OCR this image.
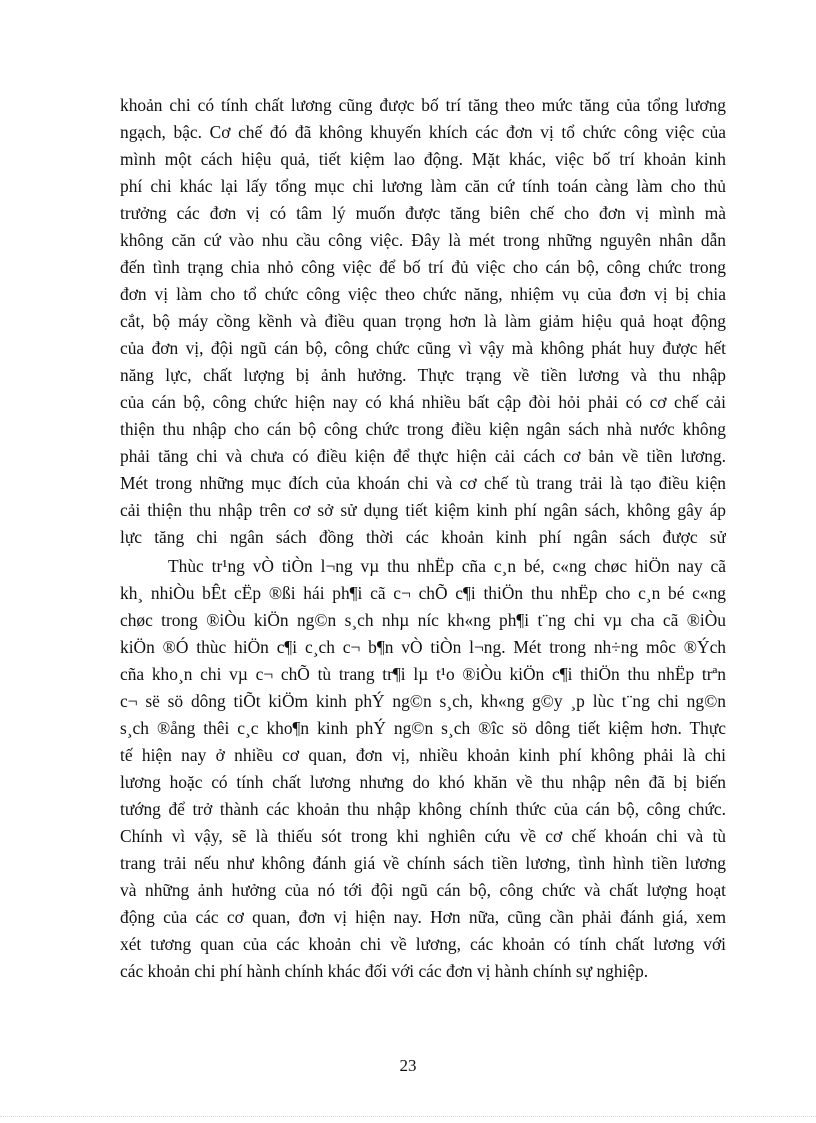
khoản chi có tính chất lương cũng được bố trí tăng theo mức tăng của tổng lương
ngạch, bậc. Cơ chế đó đã không khuyến khích các đơn vị tổ chức công việc của
mình một cách hiệu quả, tiết kiệm lao động. Mặt khác, việc bố trí khoản kinh
phí chi khác lại lấy tổng mục chi lương làm căn cứ tính toán càng làm cho thủ
trưởng các đơn vị có tâm lý muốn được tăng biên chế cho đơn vị mình mà
không căn cứ vào nhu cầu công việc. Đây là mét trong những nguyên nhân dẫn
đến tình trạng chia nhỏ công việc để bố trí đủ việc cho cán bộ, công chức trong
đơn vị làm cho tổ chức công việc theo chức năng, nhiệm vụ của đơn vị bị chia
cắt, bộ máy cồng kềnh và điều quan trọng hơn là làm giảm hiệu quả hoạt động
của đơn vị, đội ngũ cán bộ, công chức cũng vì vậy mà không phát huy được hết
năng lực, chất lượng bị ảnh hưởng. Thực trạng về tiền lương và thu nhập
của cán bộ, công chức hiện nay có khá nhiều bất cập đòi hỏi phải có cơ chế cải
thiện thu nhập cho cán bộ công chức trong điều kiện ngân sách nhà nước không
phải tăng chi và chưa có điều kiện để thực hiện cải cách cơ bản về tiền lương.
Mét trong những mục đích của khoán chi và cơ chế tù trang trải là tạo điều kiện
cải thiện thu nhập trên cơ sở sử dụng tiết kiệm kinh phí ngân sách, không gây áp
lực tăng chi ngân sách đồng thời các khoản kinh phí ngân sách được sử
Thùc tr¹ng vÒ tiÒn l¬ng vµ thu nhËp cña c¸n bé, c«ng chøc hiÖn nay cã
kh¸ nhiÒu bÊt cËp ®ßi hái ph¶i cã c¬ chÕ c¶i thiÖn thu nhËp cho c¸n bé c«ng
chøc trong ®iÒu kiÖn ng©n s¸ch nhµ níc kh«ng ph¶i t¨ng chi vµ cha cã ®iÒu
kiÖn ®Ó thùc hiÖn c¶i c¸ch c¬ b¶n vÒ tiÒn l¬ng. Mét trong nh÷ng môc ®Ých
cña kho¸n chi vµ c¬ chÕ tù trang tr¶i lµ t¹o ®iÒu kiÖn c¶i thiÖn thu nhËp trªn
c¬ së sö dông tiÕt kiÖm kinh phÝ ng©n s¸ch, kh«ng g©y ¸p lùc t¨ng chi ng©n
s¸ch ®ång thêi c¸c kho¶n kinh phÝ ng©n s¸ch ®îc sö dông tiết kiệm hơn. Thực
tế hiện nay ở nhiều cơ quan, đơn vị, nhiều khoản kinh phí không phải là chi
lương hoặc có tính chất lương nhưng do khó khăn về thu nhập nên đã bị biến
tướng để trở thành các khoản thu nhập không chính thức của cán bộ, công chức.
Chính vì vậy, sẽ là thiếu sót trong khi nghiên cứu về cơ chế khoán chi và tù
trang trải nếu như không đánh giá về chính sách tiền lương, tình hình tiền lương
và những ảnh hưởng của nó tới đội ngũ cán bộ, công chức và chất lượng hoạt
động của các cơ quan, đơn vị hiện nay. Hơn nữa, cũng cần phải đánh giá, xem
xét tương quan của các khoản chi về lương, các khoản có tính chất lương với
các khoản chi phí hành chính khác đối với các đơn vị hành chính sự nghiệp.
23
